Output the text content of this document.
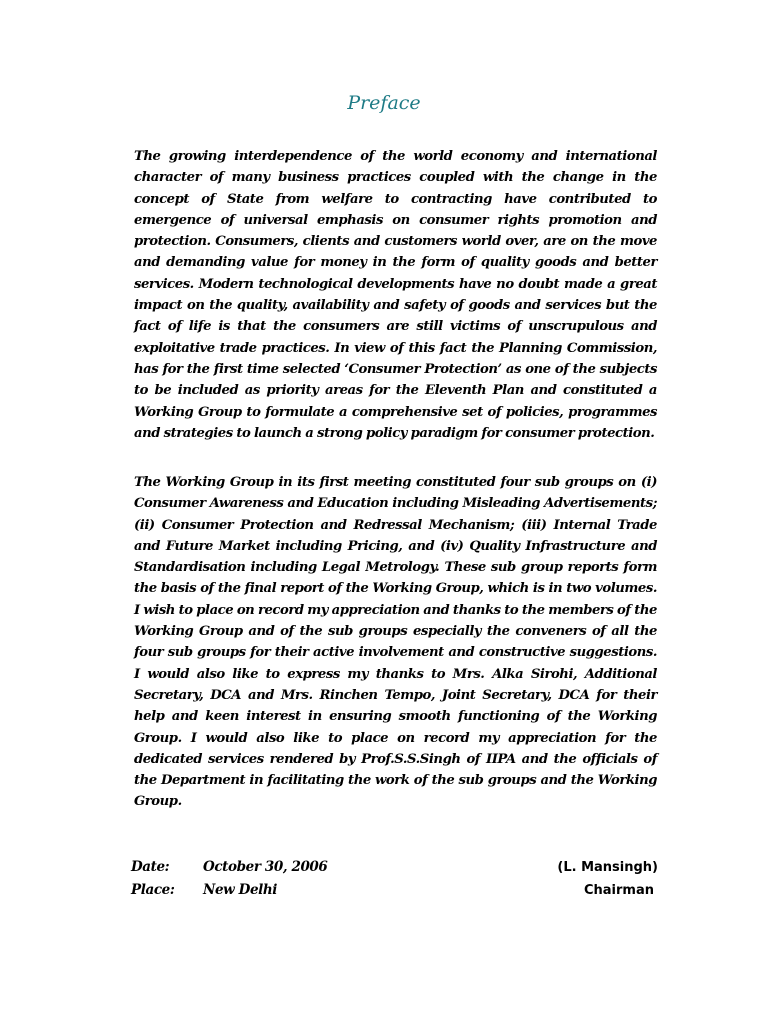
Preface

The growing interdependence of the world economy and international character of many business practices coupled with the change in the concept of State from welfare to contracting have contributed to emergence of universal emphasis on consumer rights promotion and protection. Consumers, clients and customers world over, are on the move and demanding value for money in the form of quality goods and better services. Modern technological developments have no doubt made a great impact on the quality, availability and safety of goods and services but the fact of life is that the consumers are still victims of unscrupulous and exploitative trade practices. In view of this fact the Planning Commission, has for the first time selected ‘Consumer Protection’ as one of the subjects to be included as priority areas for the Eleventh Plan and constituted a Working Group to formulate a comprehensive set of policies, programmes and strategies to launch a strong policy paradigm for consumer protection.

The Working Group in its first meeting constituted four sub groups on (i) Consumer Awareness and Education including Misleading Advertisements; (ii) Consumer Protection and Redressal Mechanism; (iii) Internal Trade and Future Market including Pricing, and (iv) Quality Infrastructure and Standardisation including Legal Metrology. These sub group reports form the basis of the final report of the Working Group, which is in two volumes. I wish to place on record my appreciation and thanks to the members of the Working Group and of the sub groups especially the conveners of all the four sub groups for their active involvement and constructive suggestions. I would also like to express my thanks to Mrs. Alka Sirohi, Additional Secretary, DCA and Mrs. Rinchen Tempo, Joint Secretary, DCA for their help and keen interest in ensuring smooth functioning of the Working Group. I would also like to place on record my appreciation for the dedicated services rendered by Prof.S.S.Singh of IIPA and the officials of the Department in facilitating the work of the sub groups and the Working Group.

Date: October 30, 2006
Place: New Delhi
(L. Mansingh)
Chairman
